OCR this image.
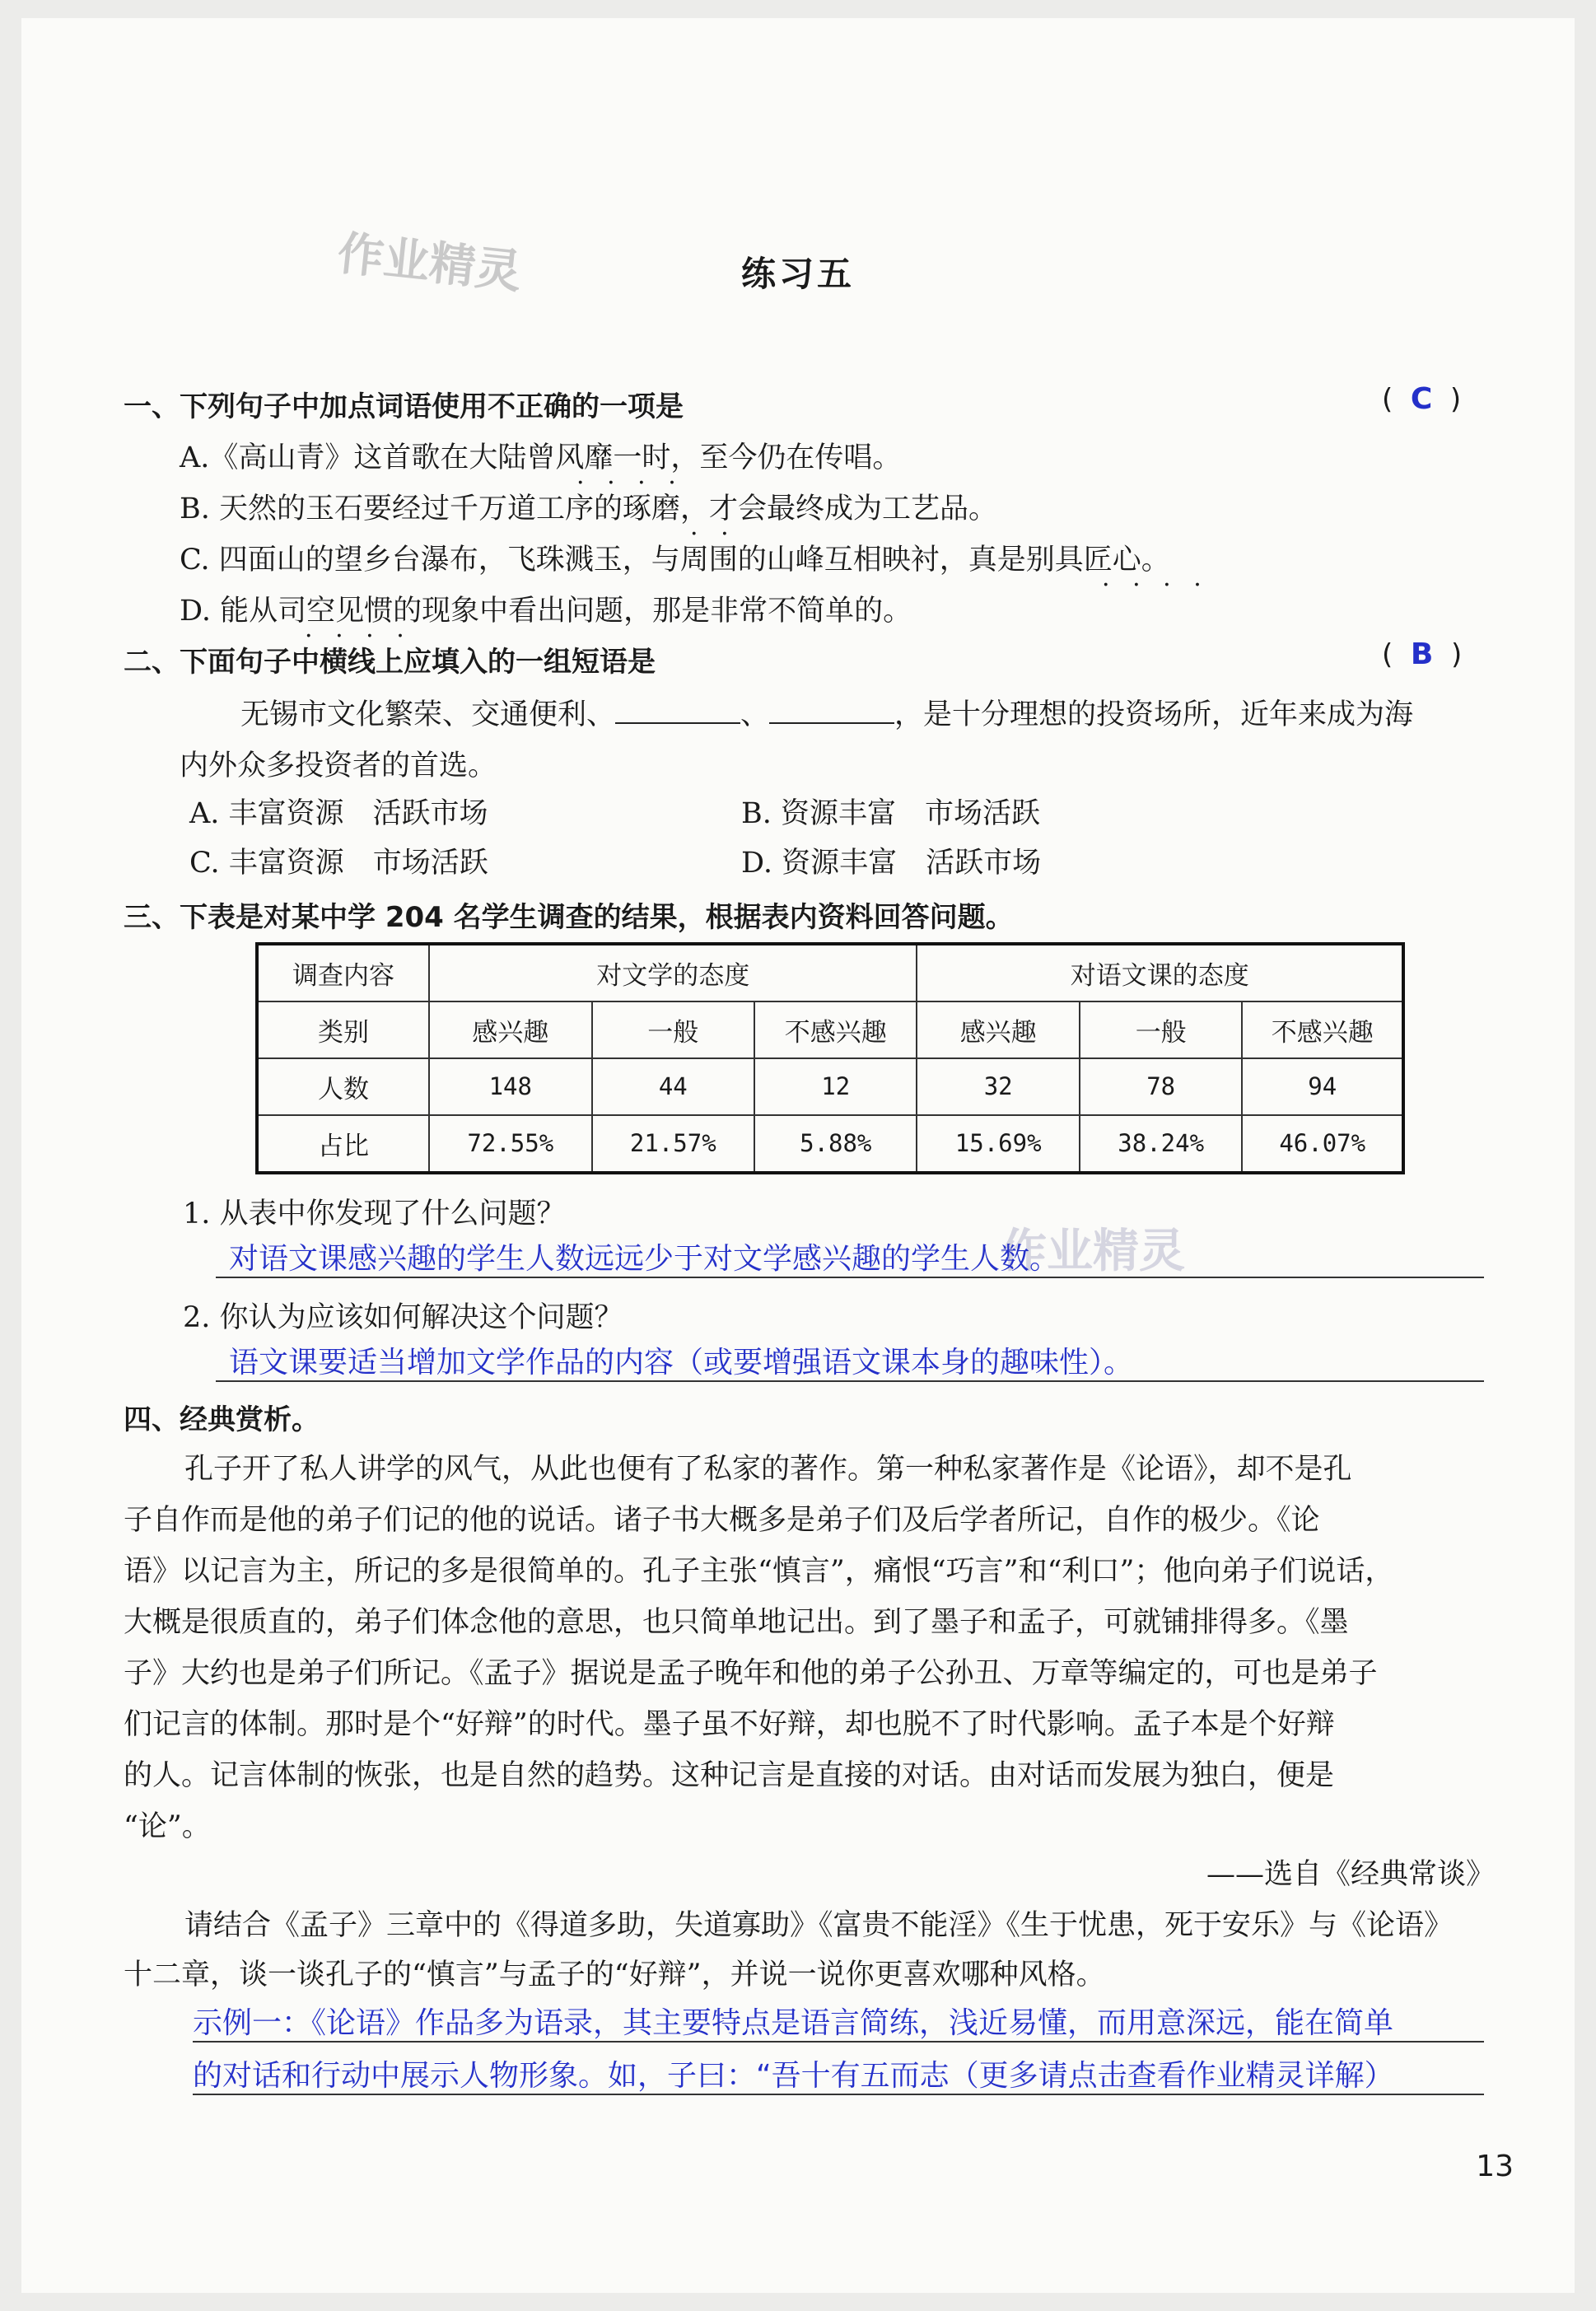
作业精灵
作业精灵
练习五
一、下列句子中加点词语使用不正确的一项是	(  C  )
A.《高山青》这首歌在大陆曾风靡一时，至今仍在传唱。
B. 天然的玉石要经过千万道工序的琢磨，才会最终成为工艺品。
C. 四面山的望乡台瀑布，飞珠溅玉，与周围的山峰互相映衬，真是别具匠心。
D. 能从司空见惯的现象中看出问题，那是非常不简单的。
· · · ·
· ·
· · · ·
· · · ·
二、下面句子中横线上应填入的一组短语是	(  B  )
无锡市文化繁荣、交通便利、	、	，是十分理想的投资场所，近年来成为海
内外众多投资者的首选。
A. 丰富资源　活跃市场	B. 资源丰富　市场活跃
C. 丰富资源　市场活跃	D. 资源丰富　活跃市场
三、下表是对某中学 204 名学生调查的结果，根据表内资料回答问题。
调查内容	对文学的态度			对语文课的态度		
类别	感兴趣	一般	不感兴趣	感兴趣	一般	不感兴趣
人数	148	44	12	32	78	94
占比	72.55%	21.57%	5.88%	15.69%	38.24%	46.07%
1. 从表中你发现了什么问题？
对语文课感兴趣的学生人数远远少于对文学感兴趣的学生人数。
2. 你认为应该如何解决这个问题？
语文课要适当增加文学作品的内容（或要增强语文课本身的趣味性）。
四、经典赏析。
孔子开了私人讲学的风气，从此也便有了私家的著作。第一种私家著作是《论语》，却不是孔
子自作而是他的弟子们记的他的说话。诸子书大概多是弟子们及后学者所记，自作的极少。《论
语》以记言为主，所记的多是很简单的。孔子主张“慎言”，痛恨“巧言”和“利口”；他向弟子们说话，
大概是很质直的，弟子们体念他的意思，也只简单地记出。到了墨子和孟子，可就铺排得多。《墨
子》大约也是弟子们所记。《孟子》据说是孟子晚年和他的弟子公孙丑、万章等编定的，可也是弟子
们记言的体制。那时是个“好辩”的时代。墨子虽不好辩，却也脱不了时代影响。孟子本是个好辩
的人。记言体制的恢张，也是自然的趋势。这种记言是直接的对话。由对话而发展为独白，便是
“论”。
——选自《经典常谈》
请结合《孟子》三章中的《得道多助，失道寡助》《富贵不能淫》《生于忧患，死于安乐》与《论语》
十二章，谈一谈孔子的“慎言”与孟子的“好辩”，并说一说你更喜欢哪种风格。
示例一：《论语》作品多为语录，其主要特点是语言简练，浅近易懂，而用意深远，能在简单
的对话和行动中展示人物形象。如，子曰：“吾十有五而志（更多请点击查看作业精灵详解）
13
